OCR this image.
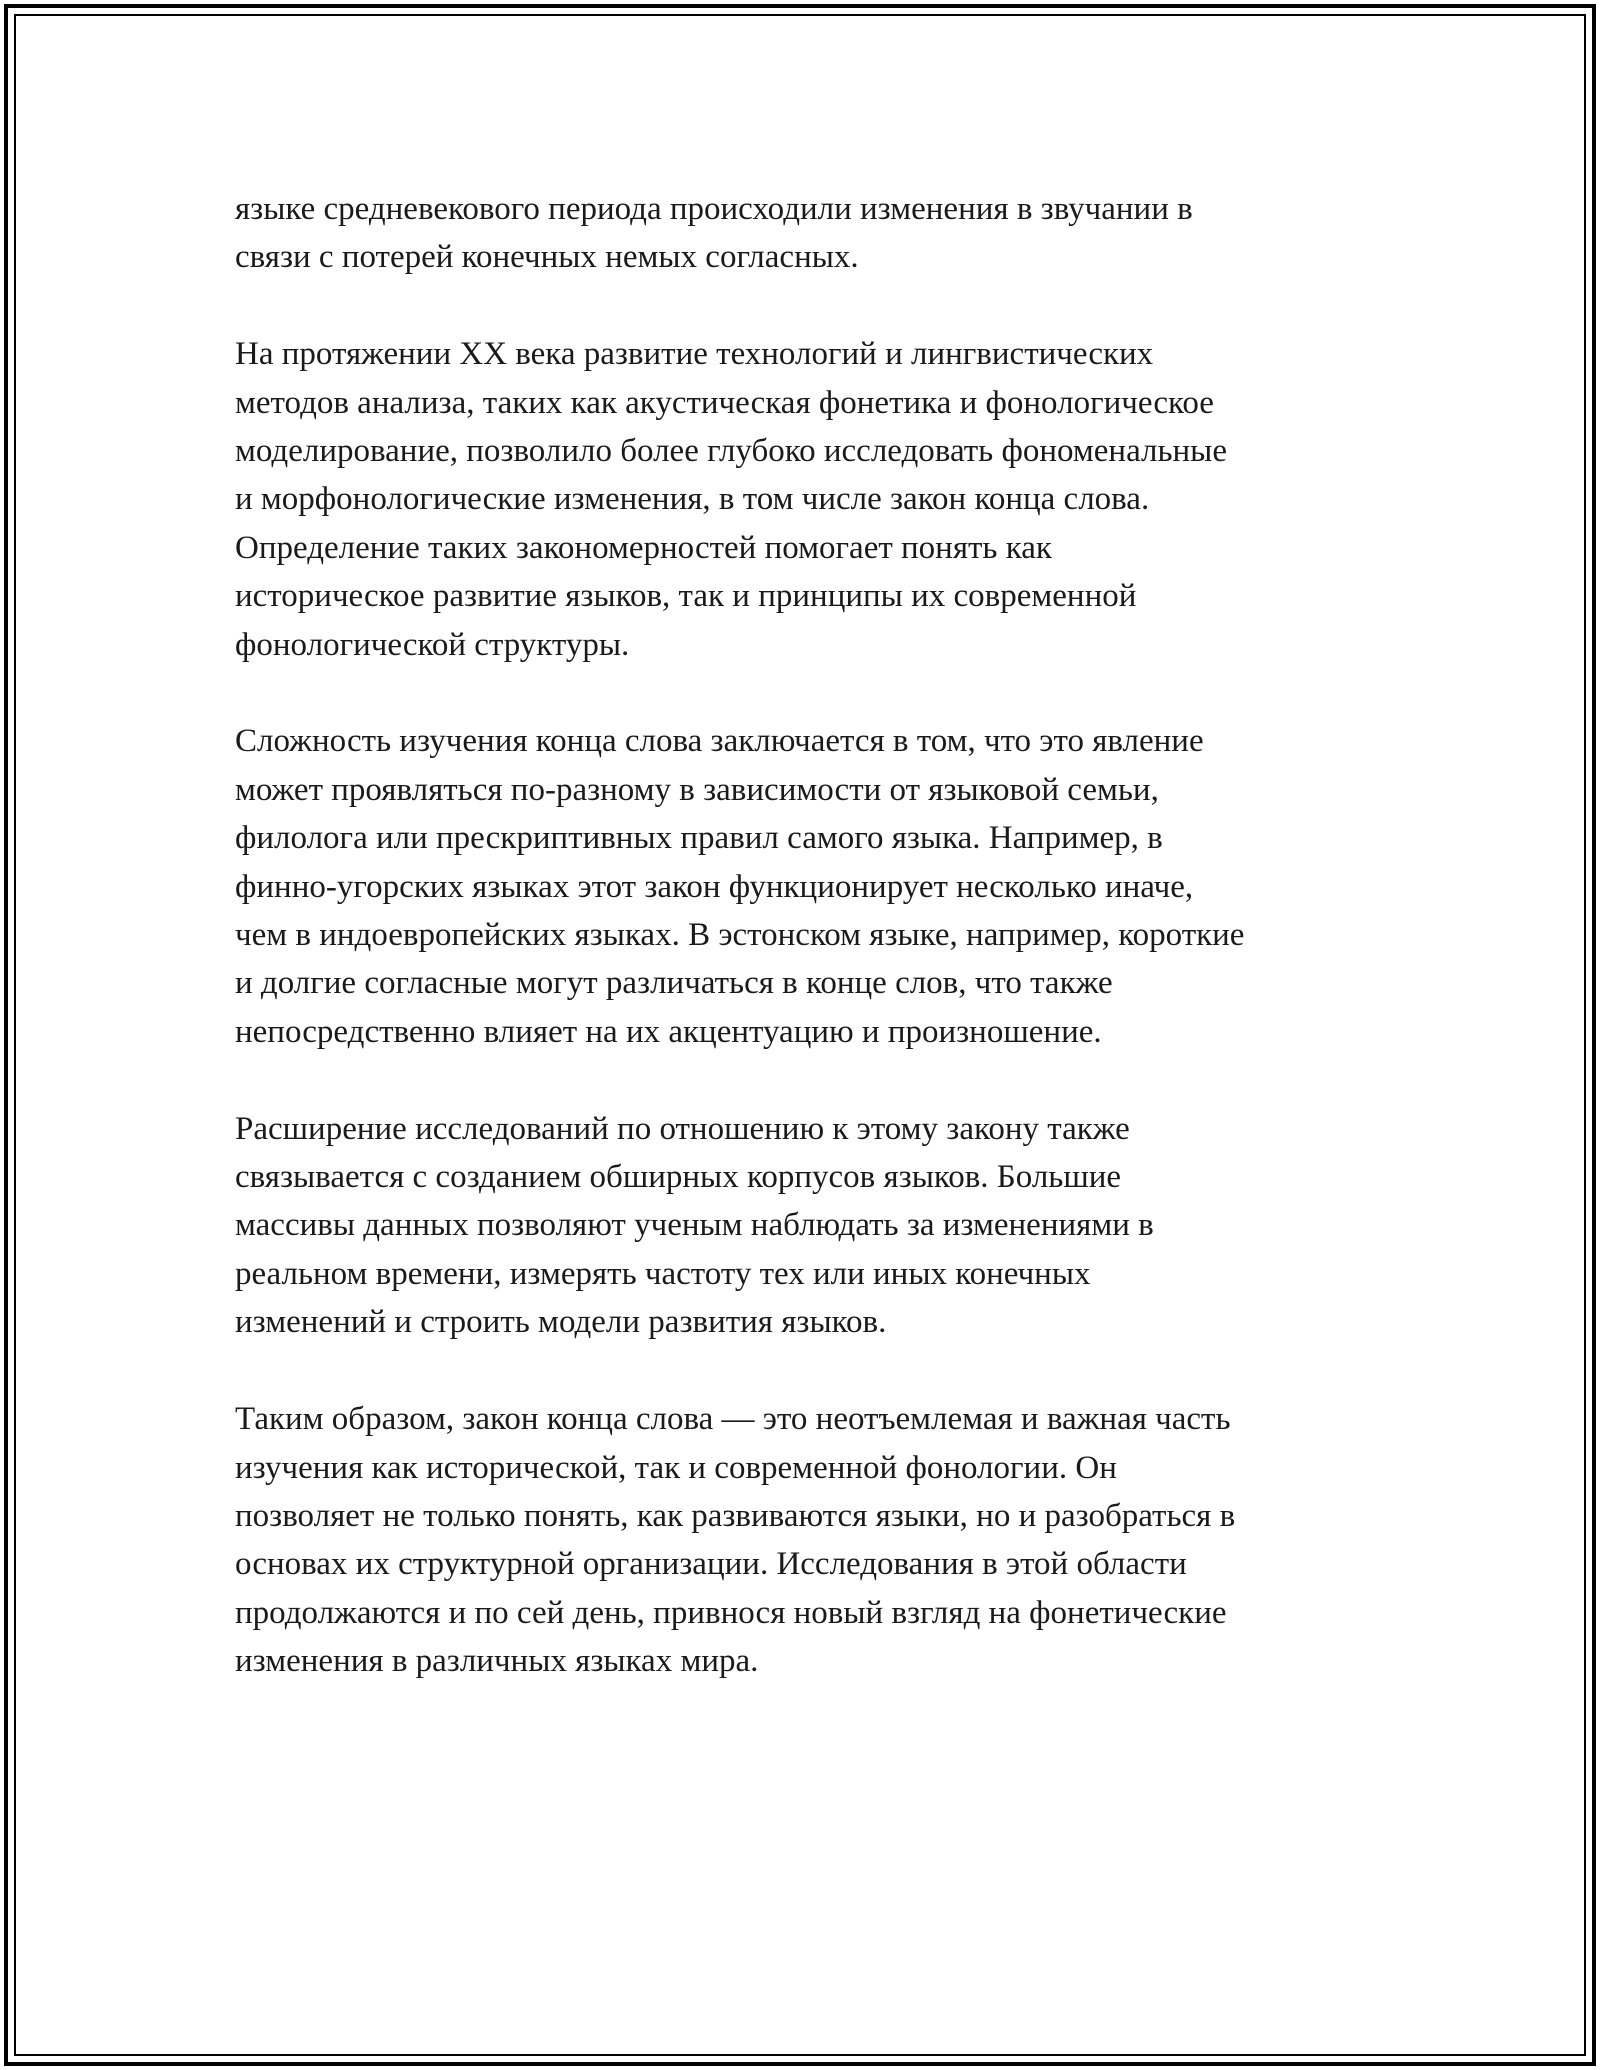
языке средневекового периода происходили изменения в звучании в
связи с потерей конечных немых согласных.
На протяжении XX века развитие технологий и лингвистических
методов анализа, таких как акустическая фонетика и фонологическое
моделирование, позволило более глубоко исследовать фономенальные
и морфонологические изменения, в том числе закон конца слова.
Определение таких закономерностей помогает понять как
историческое развитие языков, так и принципы их современной
фонологической структуры.
Сложность изучения конца слова заключается в том, что это явление
может проявляться по-разному в зависимости от языковой семьи,
филолога или прескриптивных правил самого языка. Например, в
финно-угорских языках этот закон функционирует несколько иначе,
чем в индоевропейских языках. В эстонском языке, например, короткие
и долгие согласные могут различаться в конце слов, что также
непосредственно влияет на их акцентуацию и произношение.
Расширение исследований по отношению к этому закону также
связывается с созданием обширных корпусов языков. Большие
массивы данных позволяют ученым наблюдать за изменениями в
реальном времени, измерять частоту тех или иных конечных
изменений и строить модели развития языков.
Таким образом, закон конца слова — это неотъемлемая и важная часть
изучения как исторической, так и современной фонологии. Он
позволяет не только понять, как развиваются языки, но и разобраться в
основах их структурной организации. Исследования в этой области
продолжаются и по сей день, привнося новый взгляд на фонетические
изменения в различных языках мира.
